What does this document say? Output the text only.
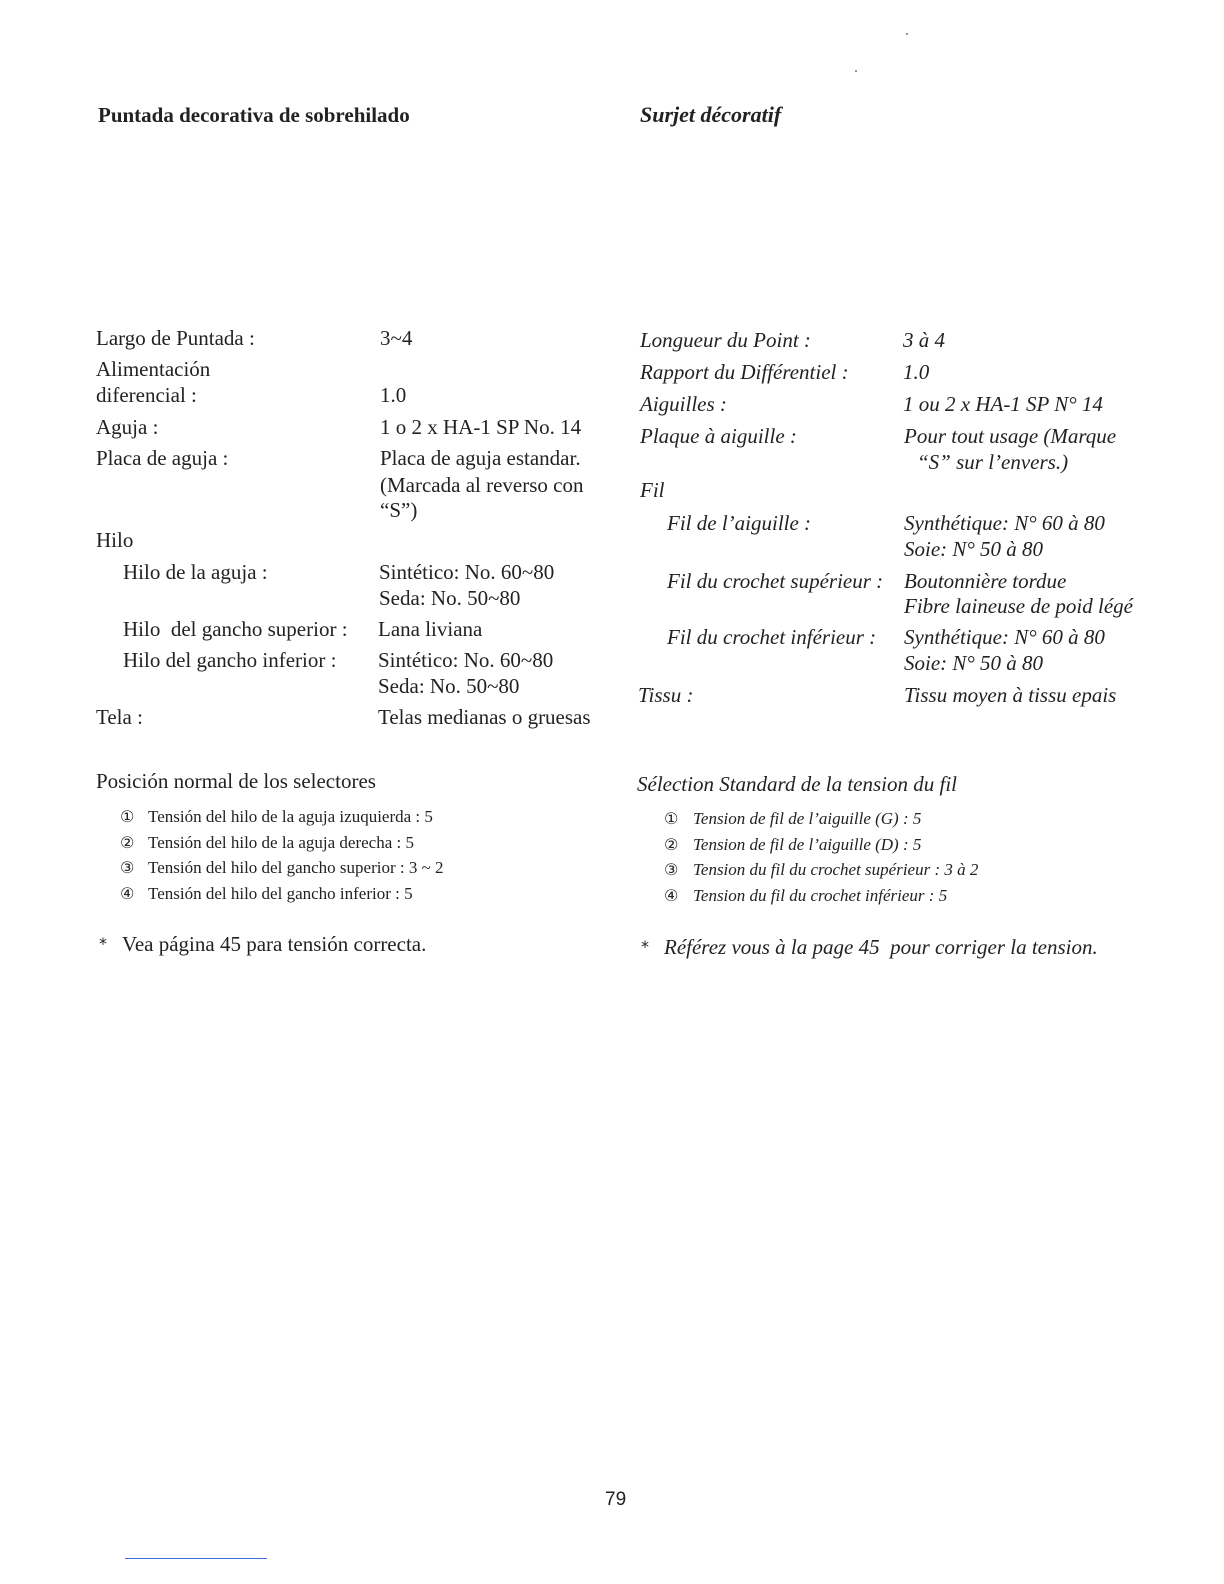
Puntada decorativa de sobrehilado	Surjet décoratif
Largo de Puntada :	3~4
Alimentación
diferencial :	1.0
Aguja :	1 o 2 x HA-1 SP No. 14
Placa de aguja :	Placa de aguja estandar.
(Marcada al reverso con
“S”)
Hilo
Hilo de la aguja :	Sintético: No. 60~80
Seda: No. 50~80
Hilo  del gancho superior : Lana liviana
Hilo del gancho inferior : Sintético: No. 60~80
Seda: No. 50~80
Tela :	Telas medianas o gruesas
Longueur du Point :	3 à 4
Rapport du Différentiel :	1.0
Aiguilles :	1 ou 2 x HA-1 SP N° 14
Plaque à aiguille :	Pour tout usage (Marque
“S” sur l’envers.)
Fil
Fil de l’aiguille :	Synthétique: N° 60 à 80
Soie: N° 50 à 80
Fil du crochet supérieur : Boutonnière tordue
Fibre laineuse de poid légé
Fil du crochet inférieur : Synthétique: N° 60 à 80
Soie: N° 50 à 80
Tissu :	Tissu moyen à tissu epais
Posición normal de los selectores
① Tensión del hilo de la aguja izuquierda : 5
② Tensión del hilo de la aguja derecha : 5
③ Tensión del hilo del gancho superior : 3 ~ 2
④ Tensión del hilo del gancho inferior : 5
* Vea página 45 para tensión correcta.
Sélection Standard de la tension du fil
① Tension de fil de l’aiguille (G) : 5
② Tension de fil de l’aiguille (D) : 5
③ Tension du fil du crochet supérieur : 3 à 2
④ Tension du fil du crochet inférieur : 5
* Référez vous à la page 45  pour corriger la tension.
79
